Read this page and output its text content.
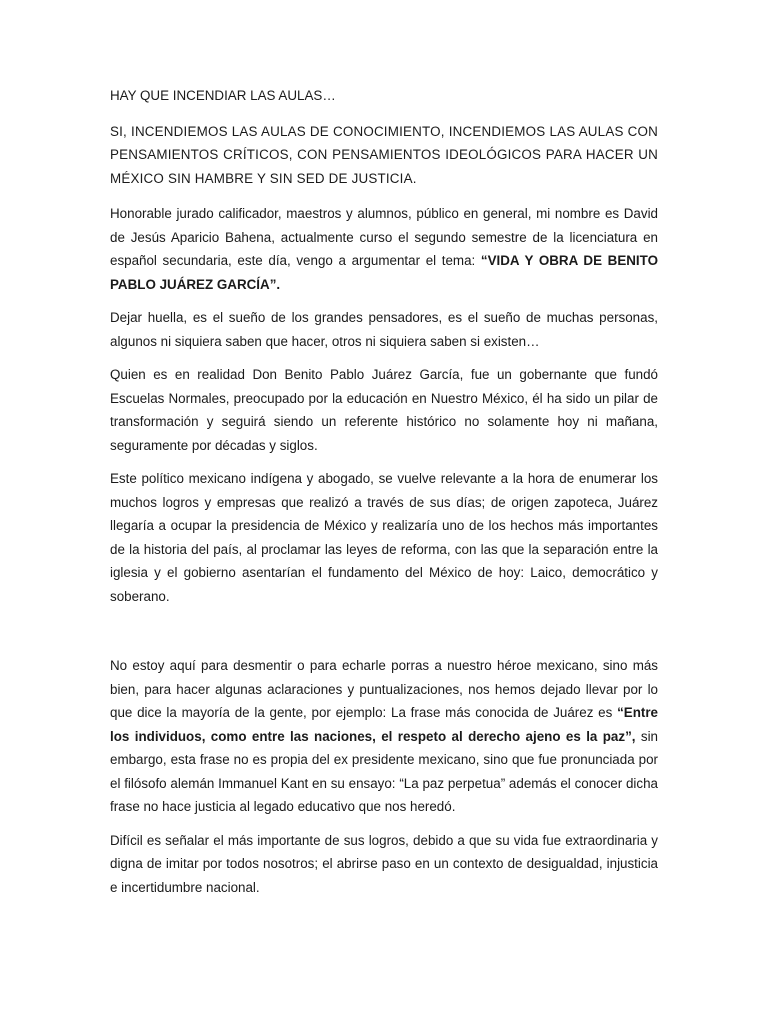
HAY QUE INCENDIAR LAS AULAS…

SI, INCENDIEMOS LAS AULAS DE CONOCIMIENTO, INCENDIEMOS LAS AULAS CON PENSAMIENTOS CRÍTICOS, CON PENSAMIENTOS IDEOLÓGICOS PARA HACER UN MÉXICO SIN HAMBRE Y SIN SED DE JUSTICIA.

Honorable jurado calificador, maestros y alumnos, público en general, mi nombre es David de Jesús Aparicio Bahena, actualmente curso el segundo semestre de la licenciatura en español secundaria, este día, vengo a argumentar el tema: “VIDA Y OBRA DE BENITO PABLO JUÁREZ GARCÍA”.

Dejar huella, es el sueño de los grandes pensadores, es el sueño de muchas personas, algunos ni siquiera saben que hacer, otros ni siquiera saben si existen…

Quien es en realidad Don Benito Pablo Juárez García, fue un gobernante que fundó Escuelas Normales, preocupado por la educación en Nuestro México, él ha sido un pilar de transformación y seguirá siendo un referente histórico no solamente hoy ni mañana, seguramente por décadas y siglos.

Este político mexicano indígena y abogado, se vuelve relevante a la hora de enumerar los muchos logros y empresas que realizó a través de sus días; de origen zapoteca, Juárez llegaría a ocupar la presidencia de México y realizaría uno de los hechos más importantes de la historia del país, al proclamar las leyes de reforma, con las que la separación entre la iglesia y el gobierno asentarían el fundamento del México de hoy: Laico, democrático y soberano.

No estoy aquí para desmentir o para echarle porras a nuestro héroe mexicano, sino más bien, para hacer algunas aclaraciones y puntualizaciones, nos hemos dejado llevar por lo que dice la mayoría de la gente, por ejemplo: La frase más conocida de Juárez es “Entre los individuos, como entre las naciones, el respeto al derecho ajeno es la paz”, sin embargo, esta frase no es propia del ex presidente mexicano, sino que fue pronunciada por el filósofo alemán Immanuel Kant en su ensayo: “La paz perpetua” además el conocer dicha frase no hace justicia al legado educativo que nos heredó.

Difícil es señalar el más importante de sus logros, debido a que su vida fue extraordinaria y digna de imitar por todos nosotros; el abrirse paso en un contexto de desigualdad, injusticia e incertidumbre nacional.
